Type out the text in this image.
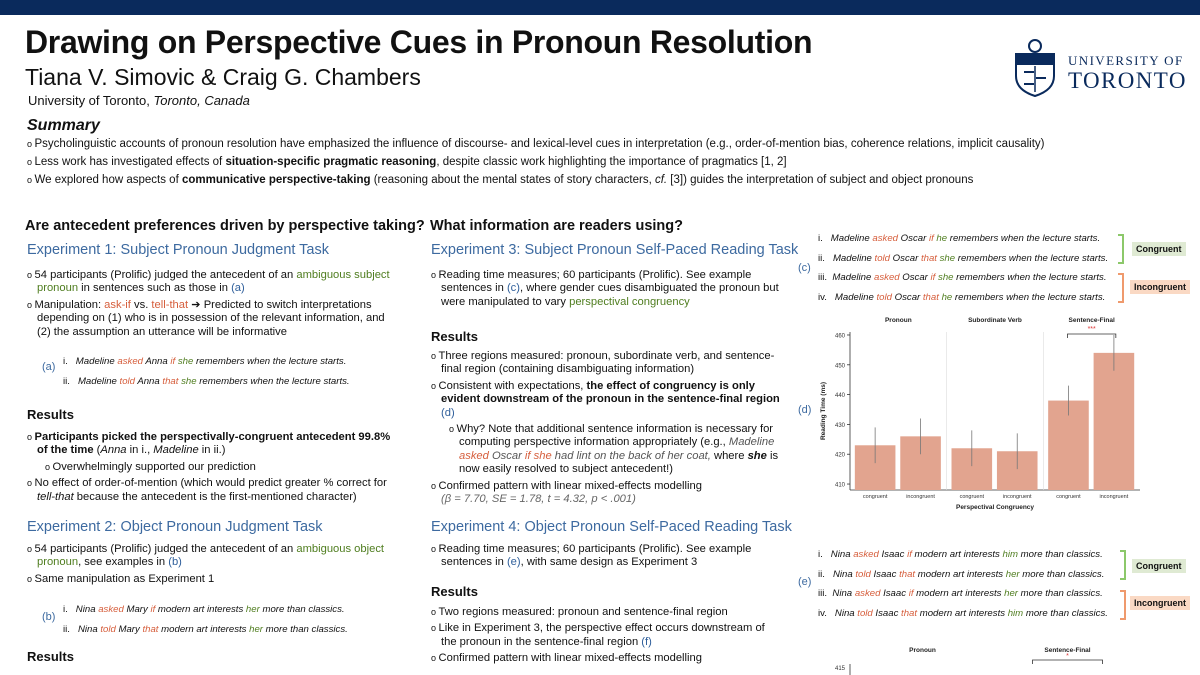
Drawing on Perspective Cues in Pronoun Resolution
Tiana V. Simovic & Craig G. Chambers
University of Toronto, Toronto, Canada
UNIVERSITY OF
TORONTO
Summary
o Psycholinguistic accounts of pronoun resolution have emphasized the influence of discourse- and lexical-level cues in interpretation (e.g., order-of-mention bias, coherence relations, implicit causality)
o Less work has investigated effects of situation-specific pragmatic reasoning, despite classic work highlighting the importance of pragmatics [1, 2]
o We explored how aspects of communicative perspective-taking (reasoning about the mental states of story characters, cf. [3]) guides the interpretation of subject and object pronouns
Are antecedent preferences driven by perspective taking?
Experiment 1: Subject Pronoun Judgment Task

o 54 participants (Prolific) judged the antecedent of an ambiguous subject pronoun in sentences such as those in (a)

o Manipulation: ask-if vs. tell-that ➔ Predicted to switch interpretations depending on (1) who is in possession of the relevant information, and (2) the assumption an utterance will be informative

(a) i. Madeline asked Anna if she remembers when the lecture starts.
ii. Madeline told Anna that she remembers when the lecture starts.
Results

o Participants picked the perspectivally-congruent antecedent 99.8% of the time (Anna in i., Madeline in ii.)

o Overwhelmingly supported our prediction

o No effect of order-of-mention (which would predict greater % correct for tell-that because the antecedent is the first-mentioned character)

Experiment 2: Object Pronoun Judgment Task

o 54 participants (Prolific) judged the antecedent of an ambiguous object pronoun, see examples in (b)

o Same manipulation as Experiment 1

(b)
i. Nina asked Mary if modern art interests her more than classics.
ii. Nina told Mary that modern art interests her more than classics.
Results
What information are readers using?
Experiment 3: Subject Pronoun Self-Paced Reading Task

o Reading time measures; 60 participants (Prolific). See example sentences in (c), where gender cues disambiguated the pronoun but were manipulated to vary perspectival congruency

Results

o Three regions measured: pronoun, subordinate verb, and sentence-final region (containing disambiguating information)

o Consistent with expectations, the effect of congruency is only evident downstream of the pronoun in the sentence-final region (d)

o Why? Note that additional sentence information is necessary for computing perspective information appropriately (e.g., Madeline asked Oscar if she had lint on the back of her coat, where she is now easily resolved to subject antecedent!)

o Confirmed pattern with linear mixed-effects modelling
(β = 7.70, SE = 1.78, t = 4.32, p < .001)

Experiment 4: Object Pronoun Self-Paced Reading Task

o Reading time measures; 60 participants (Prolific). See example sentences in (e), with same design as Experiment 3

Results

o Two regions measured: pronoun and sentence-final region

o Like in Experiment 3, the perspective effect occurs downstream of the pronoun in the sentence-final region (f)

o Confirmed pattern with linear mixed-effects modelling

(c)
i. Madeline asked Oscar if he remembers when the lecture starts.
ii. Madeline told Oscar that she remembers when the lecture starts.
iii. Madeline asked Oscar if she remembers when the lecture starts.
iv. Madeline told Oscar that he remembers when the lecture starts.
Congruent
Incongruent
(d)
410
420
430
440
450
460
Reading Time (ms)
Perspectival Congruency
Pronoun
congruent	incongruent
Subordinate Verb
congruent	incongruent
Sentence-Final
congruent	incongruent
***
(e)
i. Nina asked Isaac if modern art interests him more than classics.
ii. Nina told Isaac that modern art interests her more than classics.
iii. Nina asked Isaac if modern art interests her more than classics.
iv. Nina told Isaac that modern art interests him more than classics.
Congruent
Incongruent
Pronoun	Sentence-Final
*
415
